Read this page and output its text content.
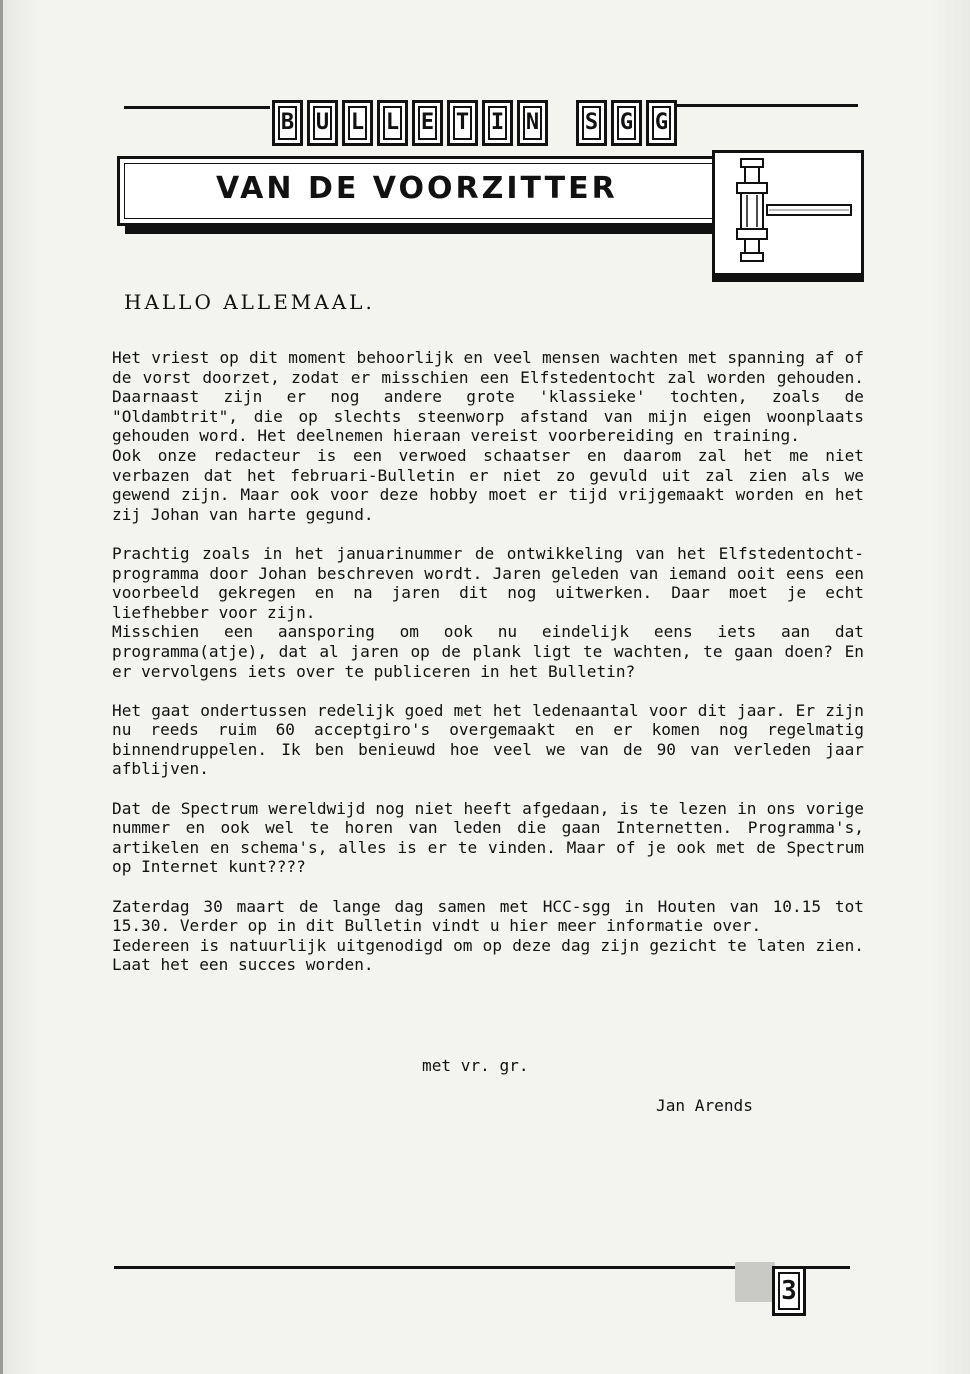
B U L L E T I N	S G G
VAN DE VOORZITTER
HALLO ALLEMAAL.

Het vriest op dit moment behoorlijk en veel mensen wachten met spanning af of de vorst doorzet, zodat er misschien een Elfstedentocht zal worden gehouden. Daarnaast zijn er nog andere grote 'klassieke' tochten, zoals de "Oldambtrit", die op slechts steenworp afstand van mijn eigen woonplaats gehouden word. Het deelnemen hieraan vereist voorbereiding en training.

Ook onze redacteur is een verwoed schaatser en daarom zal het me niet verbazen dat het februari-Bulletin er niet zo gevuld uit zal zien als we gewend zijn. Maar ook voor deze hobby moet er tijd vrijgemaakt worden en het zij Johan van harte gegund.

Prachtig zoals in het januarinummer de ontwikkeling van het Elfstedentocht-programma door Johan beschreven wordt. Jaren geleden van iemand ooit eens een voorbeeld gekregen en na jaren dit nog uitwerken. Daar moet je echt liefhebber voor zijn.

Misschien een aansporing om ook nu eindelijk eens iets aan dat programma(atje), dat al jaren op de plank ligt te wachten, te gaan doen? En er vervolgens iets over te publiceren in het Bulletin?

Het gaat ondertussen redelijk goed met het ledenaantal voor dit jaar. Er zijn nu reeds ruim 60 acceptgiro's overgemaakt en er komen nog regelmatig binnendruppelen. Ik ben benieuwd hoe veel we van de 90 van verleden jaar afblijven.

Dat de Spectrum wereldwijd nog niet heeft afgedaan, is te lezen in ons vorige nummer en ook wel te horen van leden die gaan Internetten. Programma's, artikelen en schema's, alles is er te vinden. Maar of je ook met de Spectrum op Internet kunt????

Zaterdag 30 maart de lange dag samen met HCC-sgg in Houten van 10.15 tot 15.30. Verder op in dit Bulletin vindt u hier meer informatie over.

Iedereen is natuurlijk uitgenodigd om op deze dag zijn gezicht te laten zien. Laat het een succes worden.

met vr. gr.
Jan Arends
3
